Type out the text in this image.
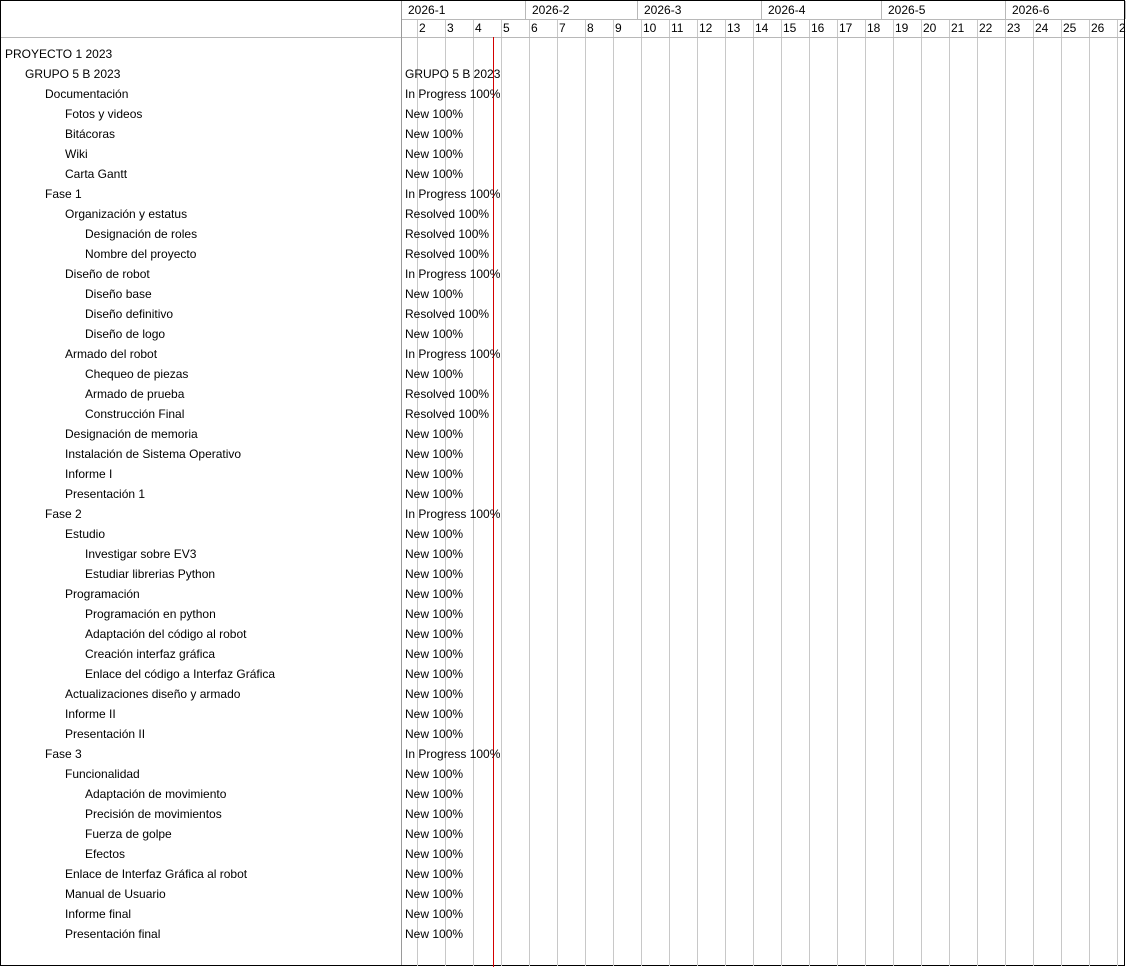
2026-1	2026-2	2026-3	2026-4	2026-5	2026-6
2	3	4	5	6	7	8	9	10	11	12	13	14	15	16	17	18	19	20	21	22	23	24	25	26	2
PROYECTO 1 2023
GRUPO 5 B 2023	GRUPO 5 B 2023
Documentación	In Progress 100%
Fotos y videos	New 100%
Bitácoras	New 100%
Wiki	New 100%
Carta Gantt	New 100%
Fase 1	In Progress 100%
Organización y estatus	Resolved 100%
Designación de roles	Resolved 100%
Nombre del proyecto	Resolved 100%
Diseño de robot	In Progress 100%
Diseño base	New 100%
Diseño definitivo	Resolved 100%
Diseño de logo	New 100%
Armado del robot	In Progress 100%
Chequeo de piezas	New 100%
Armado de prueba	Resolved 100%
Construcción Final	Resolved 100%
Designación de memoria	New 100%
Instalación de Sistema Operativo	New 100%
Informe I	New 100%
Presentación 1	New 100%
Fase 2	In Progress 100%
Estudio	New 100%
Investigar sobre EV3	New 100%
Estudiar librerias Python	New 100%
Programación	New 100%
Programación en python	New 100%
Adaptación del código al robot	New 100%
Creación interfaz gráfica	New 100%
Enlace del código a Interfaz Gráfica	New 100%
Actualizaciones diseño y armado	New 100%
Informe II	New 100%
Presentación II	New 100%
Fase 3	In Progress 100%
Funcionalidad	New 100%
Adaptación de movimiento	New 100%
Precisión de movimientos	New 100%
Fuerza de golpe	New 100%
Efectos	New 100%
Enlace de Interfaz Gráfica al robot	New 100%
Manual de Usuario	New 100%
Informe final	New 100%
Presentación final	New 100%
